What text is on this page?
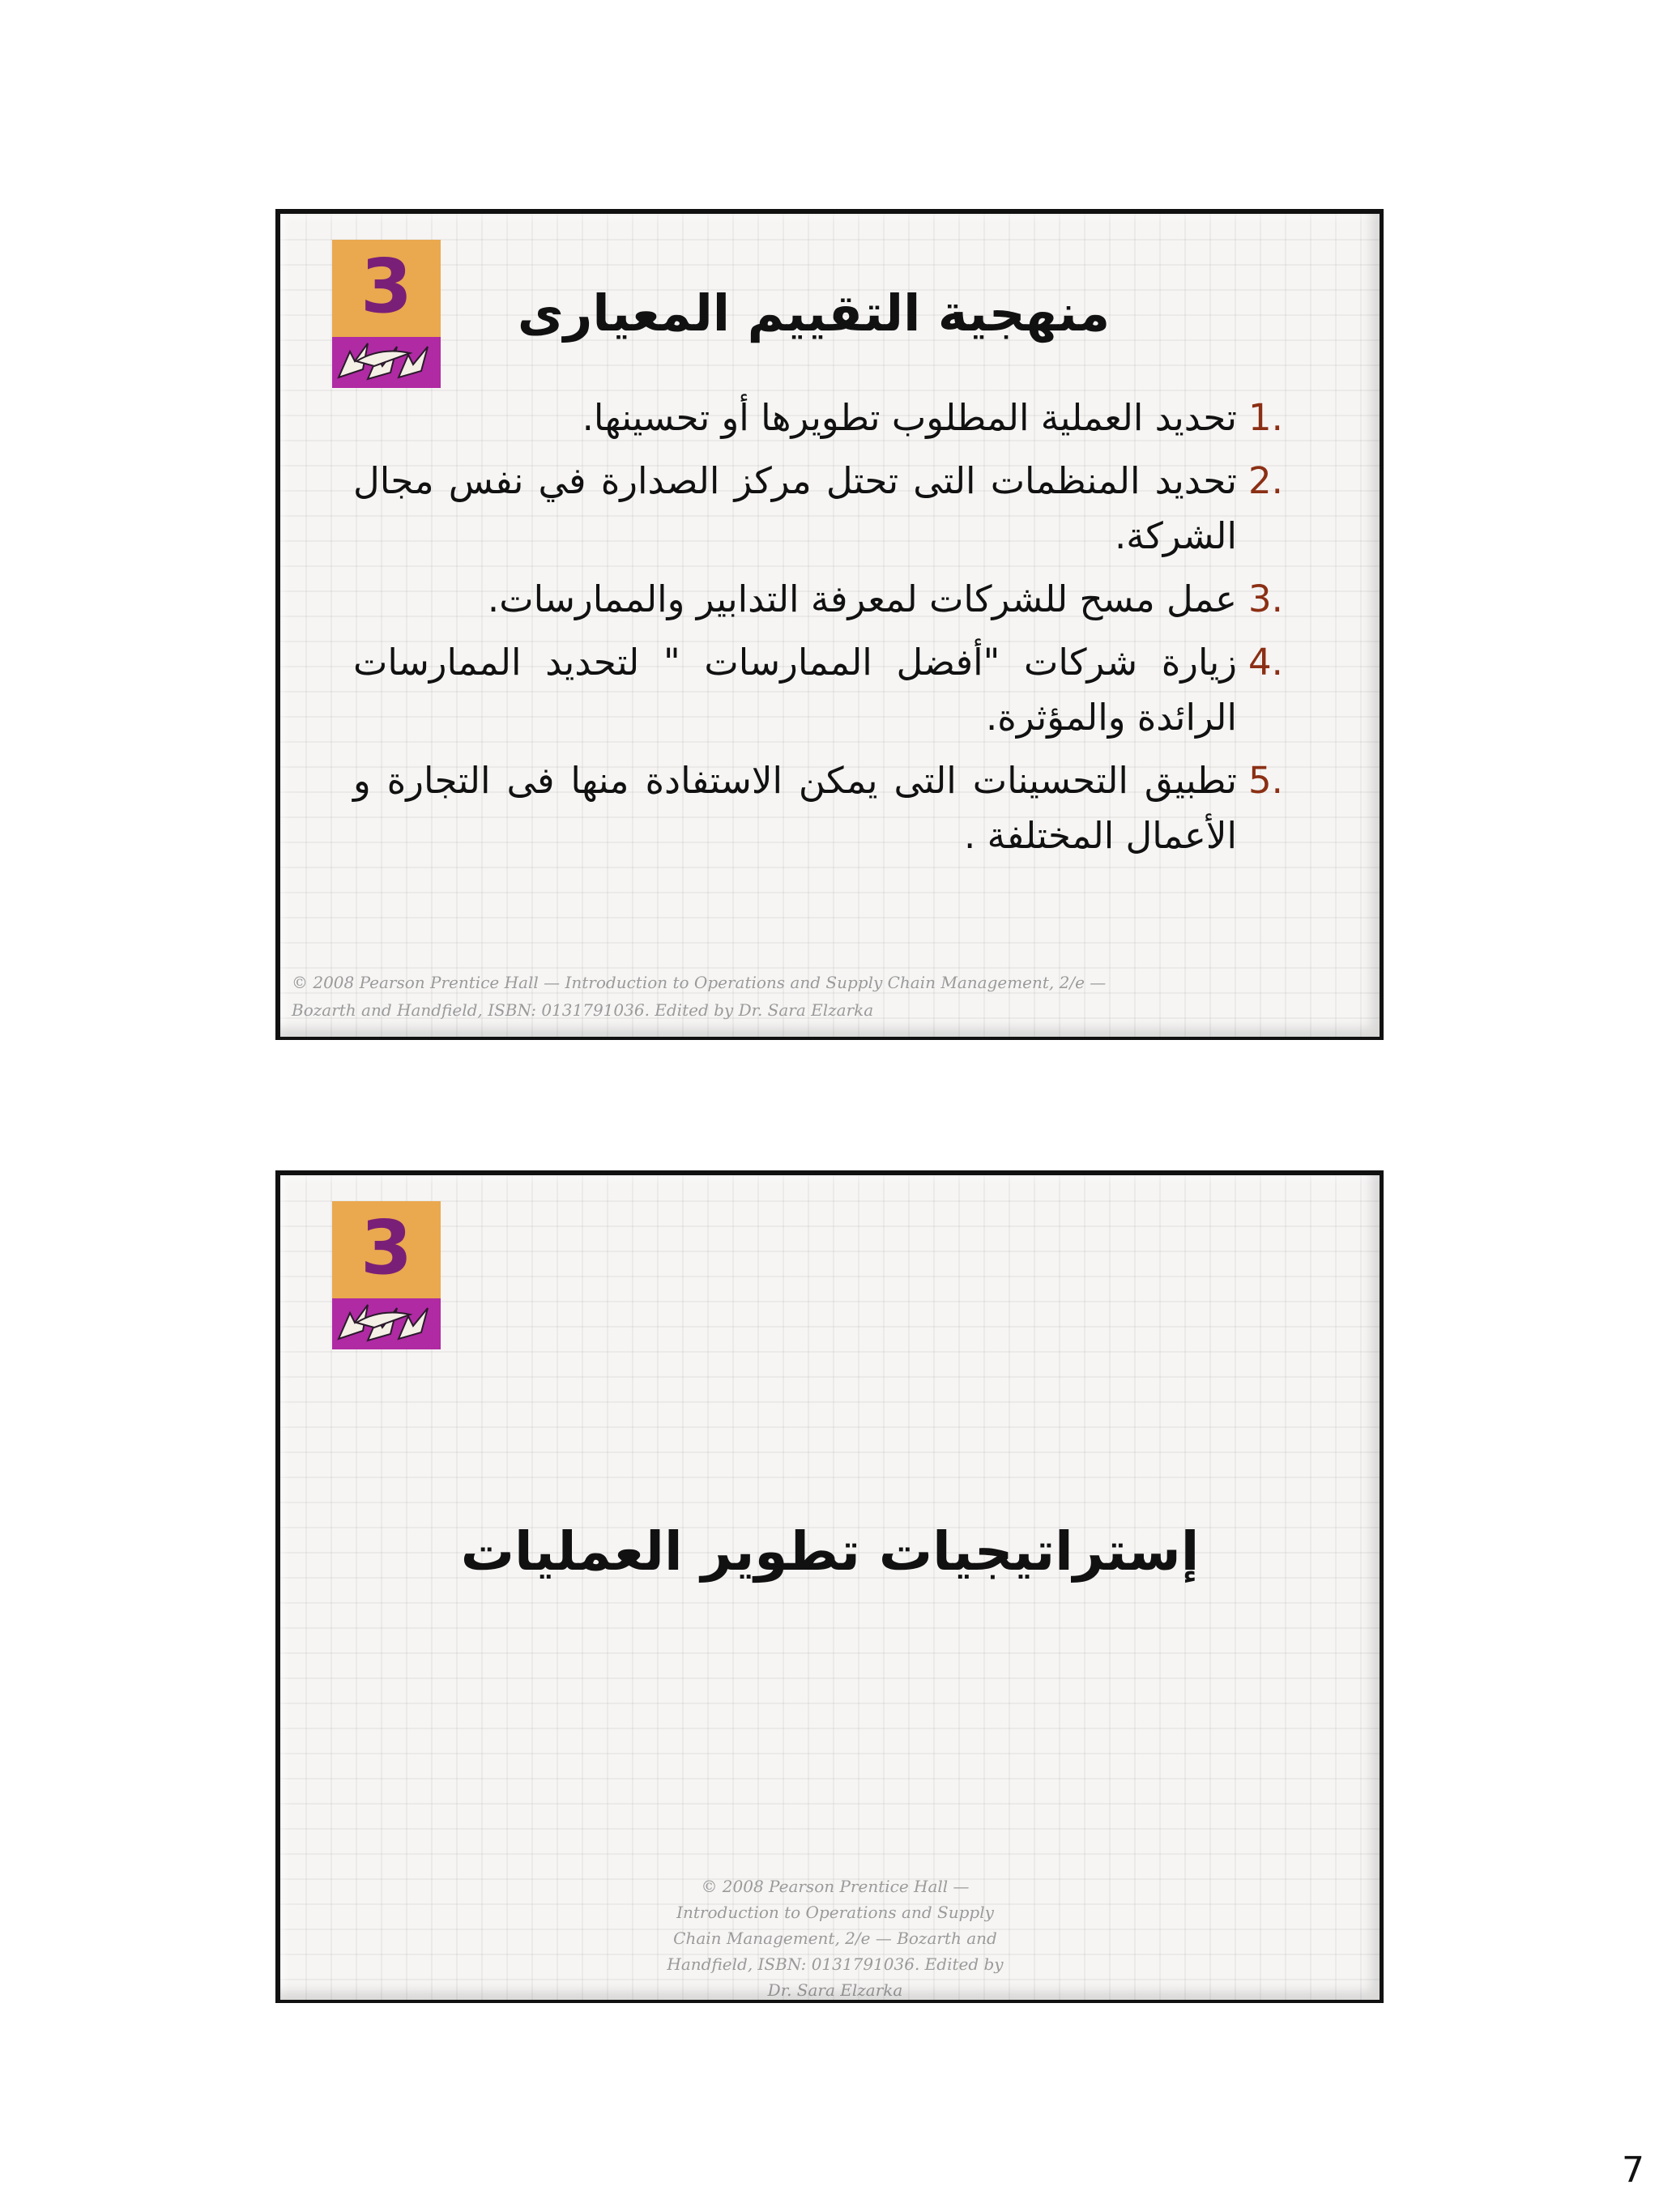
3	منهجية التقييم المعيارى
1.
تحديد العملية المطلوب تطويرها أو تحسينها.
2.
تحديد المنظمات التى تحتل مركز الصدارة في نفس مجال الشركة.
3.
عمل مسح للشركات لمعرفة التدابير والممارسات.
4.
زيارة شركات "أفضل الممارسات " لتحديد الممارسات الرائدة والمؤثرة.
5.
تطبيق التحسينات التى يمكن الاستفادة منها فى التجارة و الأعمال المختلفة .
© 2008 Pearson Prentice Hall — Introduction to Operations and Supply Chain Management, 2/e — Bozarth and Handfield, ISBN: 0131791036. Edited by Dr. Sara Elzarka
3
إستراتيجيات تطوير العمليات
© 2008 Pearson Prentice Hall — Introduction to Operations and Supply Chain Management, 2/e — Bozarth and Handfield, ISBN: 0131791036. Edited by Dr. Sara Elzarka
7
